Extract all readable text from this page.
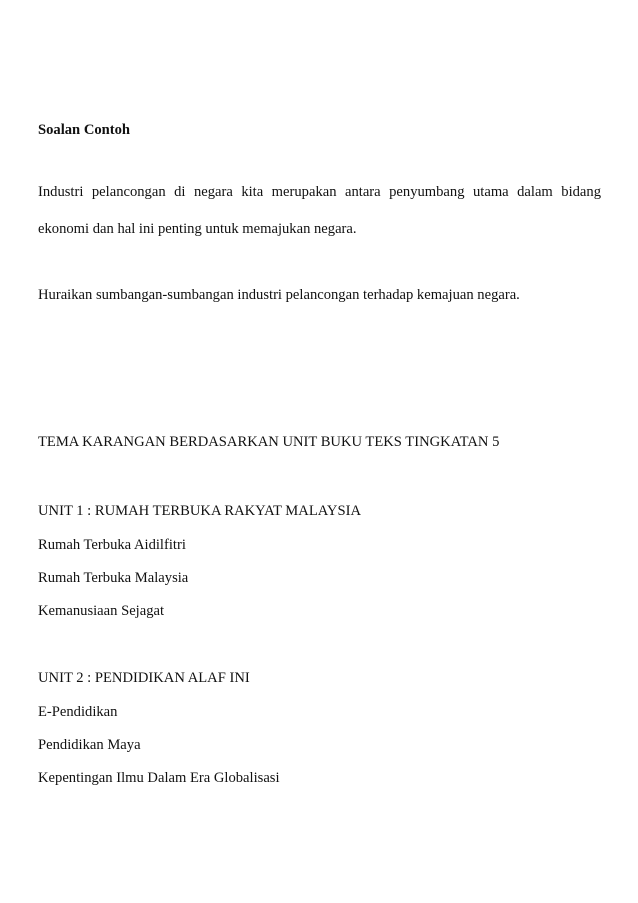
Soalan Contoh

Industri pelancongan di negara kita merupakan antara penyumbang utama dalam bidang

ekonomi dan hal ini penting untuk memajukan negara.

Huraikan sumbangan-sumbangan industri pelancongan terhadap kemajuan negara.

TEMA KARANGAN BERDASARKAN UNIT BUKU TEKS TINGKATAN 5

UNIT 1 : RUMAH TERBUKA RAKYAT MALAYSIA

Rumah Terbuka Aidilfitri

Rumah Terbuka Malaysia

Kemanusiaan Sejagat

UNIT 2 : PENDIDIKAN ALAF INI

E-Pendidikan

Pendidikan Maya

Kepentingan Ilmu Dalam Era Globalisasi
